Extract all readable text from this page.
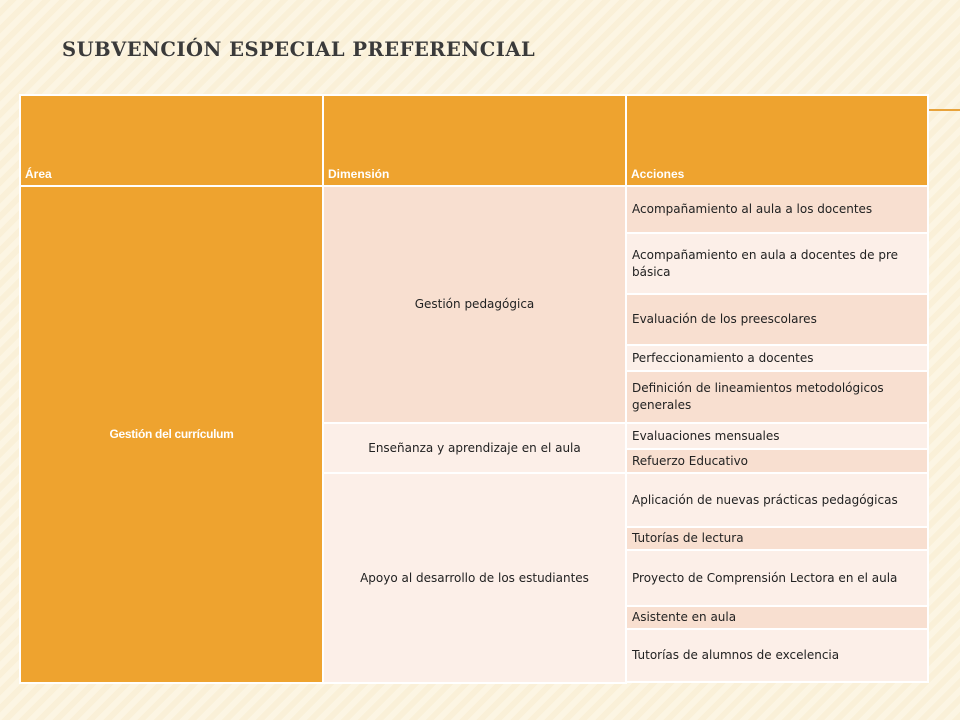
SUBVENCIÓN ESPECIAL PREFERENCIAL
Área	Dimensión	Acciones
Gestión del currículum	Gestión pedagógica	Acompañamiento al aula a los docentes
		Acompañamiento en aula a docentes de pre básica
		Evaluación de los preescolares
		Perfeccionamiento a docentes
		Definición de lineamientos metodológicos generales
	Enseñanza y aprendizaje en el aula	Evaluaciones mensuales
		Refuerzo Educativo
	Apoyo al desarrollo de los estudiantes	Aplicación de nuevas prácticas pedagógicas
		Tutorías de lectura
		Proyecto de Comprensión Lectora en el aula
		Asistente en aula
		Tutorías de alumnos de excelencia
